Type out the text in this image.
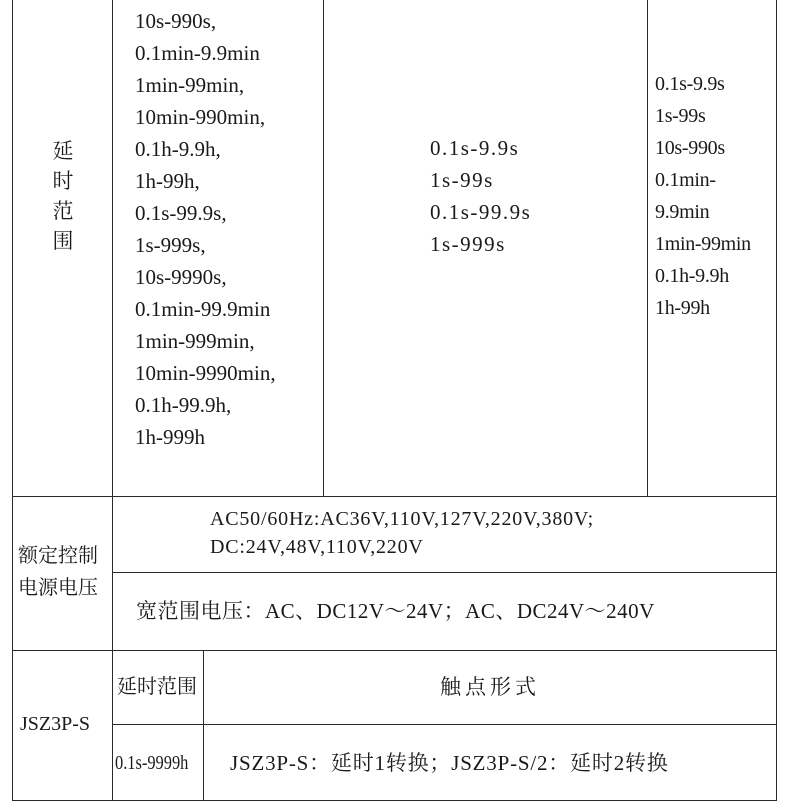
延
时
范
围
10s-990s,
0.1min-9.9min
1min-99min,
10min-990min,
0.1h-9.9h,
1h-99h,
0.1s-99.9s,
1s-999s,
10s-9990s,
0.1min-99.9min
1min-999min,
10min-9990min,
0.1h-99.9h,
1h-999h
0.1s-9.9s
1s-99s
0.1s-99.9s
1s-999s
0.1s-9.9s
1s-99s
10s-990s
0.1min-
9.9min
1min-99min
0.1h-9.9h
1h-99h
额定控制
电源电压
AC50/60Hz:AC36V,110V,127V,220V,380V;
DC:24V,48V,110V,220V
宽范围电压：AC、DC12V～24V；AC、DC24V～240V
JSZ3P-S
延时范围	触点形式
0.1s-9999h	JSZ3P-S：延时1转换；JSZ3P-S/2：延时2转换
